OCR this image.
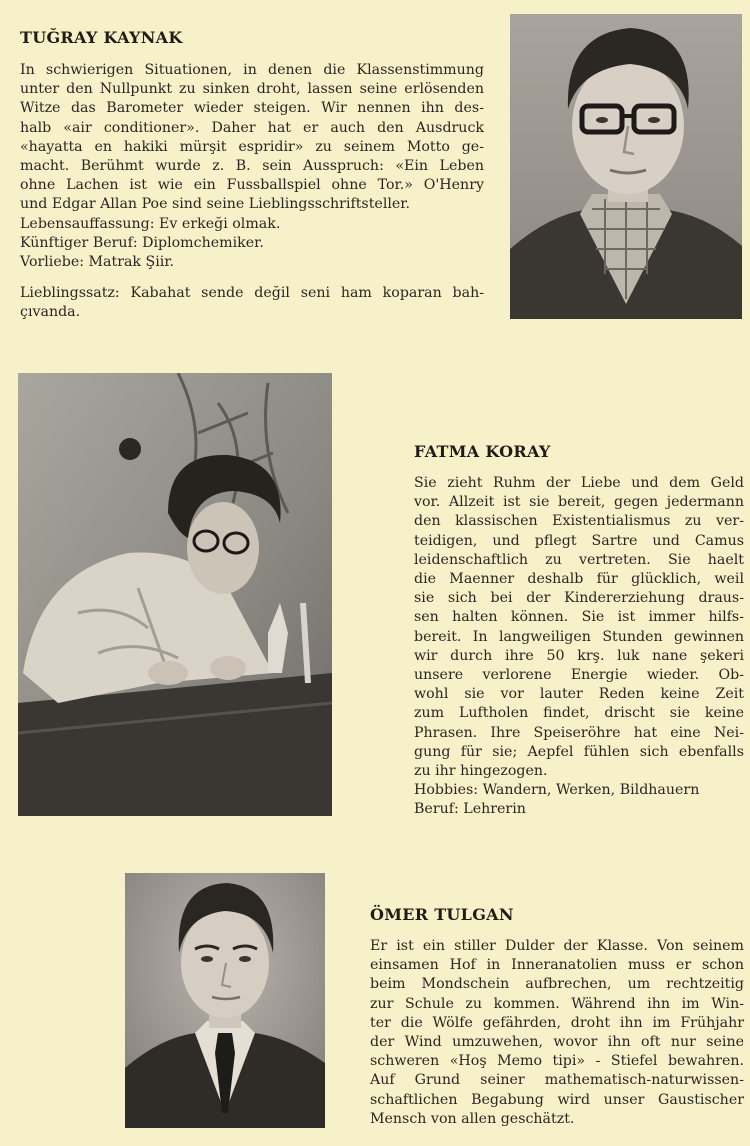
TUĞRAY KAYNAK
In schwierigen Situationen, in denen die Klassenstimmung
unter den Nullpunkt zu sinken droht, lassen seine erlösenden
Witze das Barometer wieder steigen. Wir nennen ihn des-
halb «air conditioner». Daher hat er auch den Ausdruck
«hayatta en hakiki mürşit espridir» zu seinem Motto ge-
macht. Berühmt wurde z. B. sein Ausspruch: «Ein Leben
ohne Lachen ist wie ein Fussballspiel ohne Tor.» O'Henry
und Edgar Allan Poe sind seine Lieblingsschriftsteller.
Lebensauffassung: Ev erkeği olmak.
Künftiger Beruf: Diplomchemiker.
Vorliebe: Matrak Şiir.
Lieblingssatz: Kabahat sende değil seni ham koparan bah-
çıvanda.
FATMA KORAY
Sie zieht Ruhm der Liebe und dem Geld
vor. Allzeit ist sie bereit, gegen jedermann
den klassischen Existentialismus zu ver-
teidigen, und pflegt Sartre und Camus
leidenschaftlich zu vertreten. Sie haelt
die Maenner deshalb für glücklich, weil
sie sich bei der Kindererziehung draus-
sen halten können. Sie ist immer hilfs-
bereit. In langweiligen Stunden gewinnen
wir durch ihre 50 krş. luk nane şekeri
unsere verlorene Energie wieder. Ob-
wohl sie vor lauter Reden keine Zeit
zum Luftholen findet, drischt sie keine
Phrasen. Ihre Speiseröhre hat eine Nei-
gung für sie; Aepfel fühlen sich ebenfalls
zu ihr hingezogen.
Hobbies: Wandern, Werken, Bildhauern
Beruf: Lehrerin
ÖMER TULGAN
Er ist ein stiller Dulder der Klasse. Von seinem
einsamen Hof in Inneranatolien muss er schon
beim Mondschein aufbrechen, um rechtzeitig
zur Schule zu kommen. Während ihn im Win-
ter die Wölfe gefährden, droht ihn im Frühjahr
der Wind umzuwehen, wovor ihn oft nur seine
schweren «Hoş Memo tipi» - Stiefel bewahren.
Auf Grund seiner mathematisch-naturwissen-
schaftlichen Begabung wird unser Gaustischer
Mensch von allen geschätzt.
